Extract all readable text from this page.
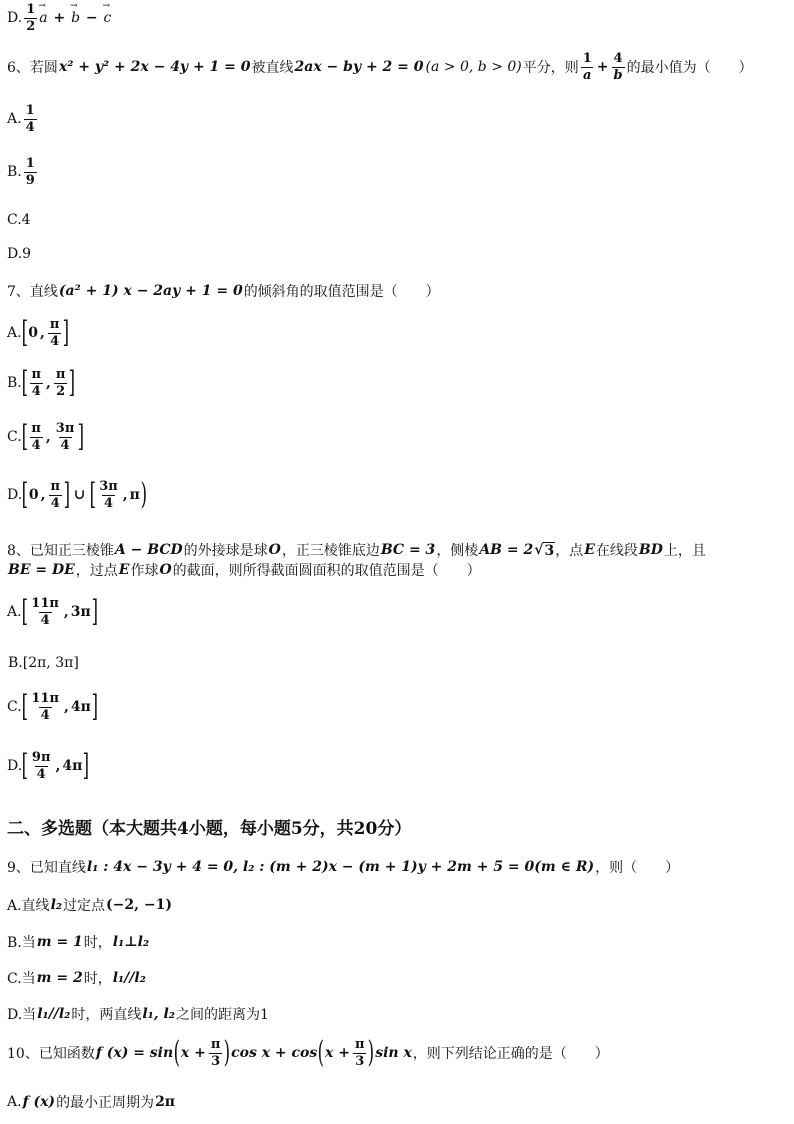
D. $\frac{1}{2}$
→ a +
→ b −
→ c
6、若圆 x² + y² + 2x − 4y + 1 = 0 被直线 2ax − by + 2 = 0 (a > 0, b > 0) 平分，则 $\frac{1}{a} + \frac{4}{b}$ 的最小值为（　　）
A. $\frac{1}{4}$
B. $\frac{1}{9}$
C.4
D.9
7、直线 (a² + 1) x − 2ay + 1 = 0 的倾斜角的取值范围是（　　）
A. [ 0 , $\frac{\pi}{4}$ ]
B. [ $\frac{\pi}{4}$ , $\frac{\pi}{2}$ ]
C. [ $\frac{\pi}{4}$ , $\frac{3\pi}{4}$ ]
D. [ 0 , $\frac{\pi}{4}$ ] ∪ [ $\frac{3\pi}{4}$ , π )
8、已知正三棱锥 A − BCD 的外接球是球 O ，正三棱锥底边 BC = 3 ，侧棱 AB = 2 √ 3 ，点 E 在线段 BD 上，且
BE = DE ，过点 E 作球 O 的截面，则所得截面圆面积的取值范围是（　　）
A. [ $\frac{11\pi}{4}$ , 3π ]
B.[2π, 3π]
C. [ $\frac{11\pi}{4}$ , 4π ]
D. [ $\frac{9\pi}{4}$ , 4π ]
二、多选题（本大题共4小题，每小题5分，共20分）
9、已知直线 l₁ : 4x − 3y + 4 = 0, l₂ : (m + 2)x − (m + 1)y + 2m + 5 = 0(m ∈ R) ，则（　　）
A.直线 l₂ 过定点 (−2, −1)
B.当 m = 1 时， l₁⊥l₂
C.当 m = 2 时， l₁//l₂
D.当 l₁//l₂ 时，两直线 l₁, l₂ 之间的距离为1
10、已知函数 f (x) = sin ( $x + \frac{\pi}{3}$ ) cos x + cos ( $x + \frac{\pi}{3}$ ) sin x ，则下列结论正确的是（　　）
A. f (x) 的最小正周期为 2π
